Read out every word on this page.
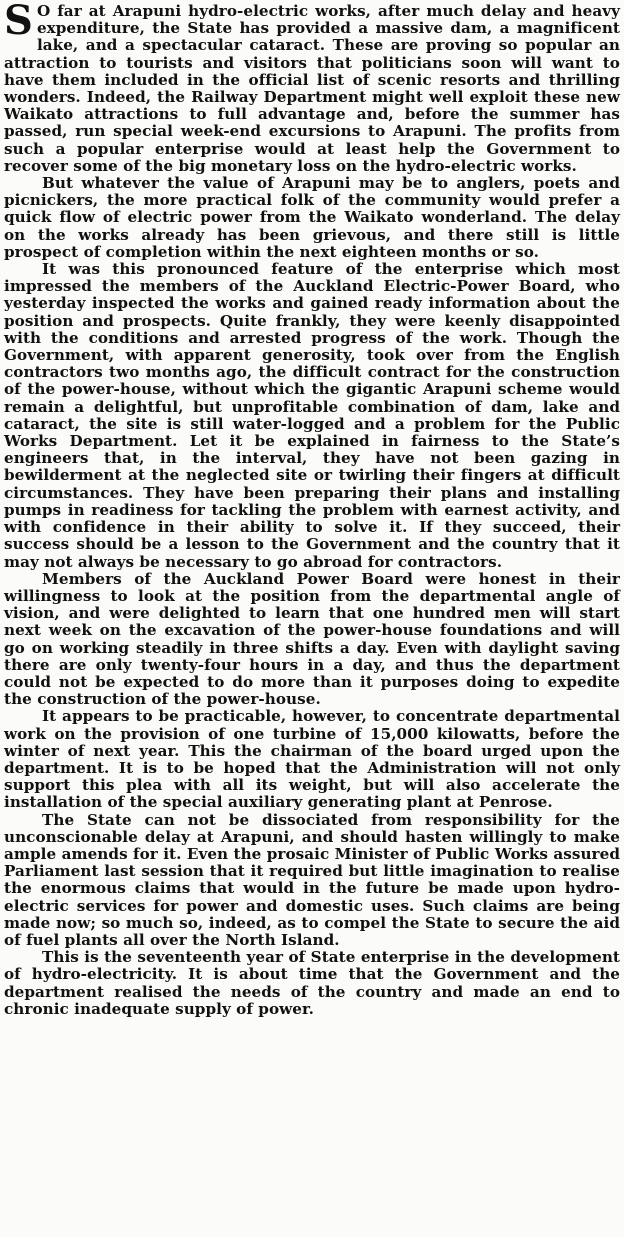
S O far at Arapuni hydro-electric works, after much delay and heavy expenditure, the State has provided a massive dam, a magnificent lake, and a spectacular cataract. These are proving so popular an attraction to tourists and visitors that politicians soon will want to have them included in the official list of scenic resorts and thrilling wonders. Indeed, the Railway Department might well exploit these new Waikato attractions to full advantage and, before the summer has passed, run special week-end excursions to Arapuni. The profits from such a popular enterprise would at least help the Government to recover some of the big monetary loss on the hydro-electric works.

But whatever the value of Arapuni may be to anglers, poets and picnickers, the more practical folk of the community would prefer a quick flow of electric power from the Waikato wonderland. The delay on the works already has been grievous, and there still is little prospect of completion within the next eighteen months or so.

It was this pronounced feature of the enterprise which most impressed the members of the Auckland Electric-Power Board, who yesterday inspected the works and gained ready information about the position and prospects. Quite frankly, they were keenly disappointed with the conditions and arrested progress of the work. Though the Government, with apparent generosity, took over from the English contractors two months ago, the difficult contract for the construction of the power-house, without which the gigantic Arapuni scheme would remain a delightful, but unprofitable combination of dam, lake and cataract, the site is still water-logged and a problem for the Public Works Department. Let it be explained in fairness to the State’s engineers that, in the interval, they have not been gazing in bewilderment at the neglected site or twirling their fingers at difficult circumstances. They have been preparing their plans and installing pumps in readiness for tackling the problem with earnest activity, and with confidence in their ability to solve it. If they succeed, their success should be a lesson to the Government and the country that it may not always be necessary to go abroad for contractors.

Members of the Auckland Power Board were honest in their willingness to look at the position from the departmental angle of vision, and were delighted to learn that one hundred men will start next week on the excavation of the power-house foundations and will go on working steadily in three shifts a day. Even with daylight saving there are only twenty-four hours in a day, and thus the department could not be expected to do more than it purposes doing to expedite the construction of the power-house.

It appears to be practicable, however, to concentrate departmental work on the provision of one turbine of 15,000 kilowatts, before the winter of next year. This the chairman of the board urged upon the department. It is to be hoped that the Administration will not only support this plea with all its weight, but will also accelerate the installation of the special auxiliary generating plant at Penrose.

The State can not be dissociated from responsibility for the unconscionable delay at Arapuni, and should hasten willingly to make ample amends for it. Even the prosaic Minister of Public Works assured Parliament last session that it required but little imagination to realise the enormous claims that would in the future be made upon hydro-electric services for power and domestic uses. Such claims are being made now; so much so, indeed, as to compel the State to secure the aid of fuel plants all over the North Island.

This is the seventeenth year of State enterprise in the development of hydro-electricity. It is about time that the Government and the department realised the needs of the country and made an end to chronic inadequate supply of power.
